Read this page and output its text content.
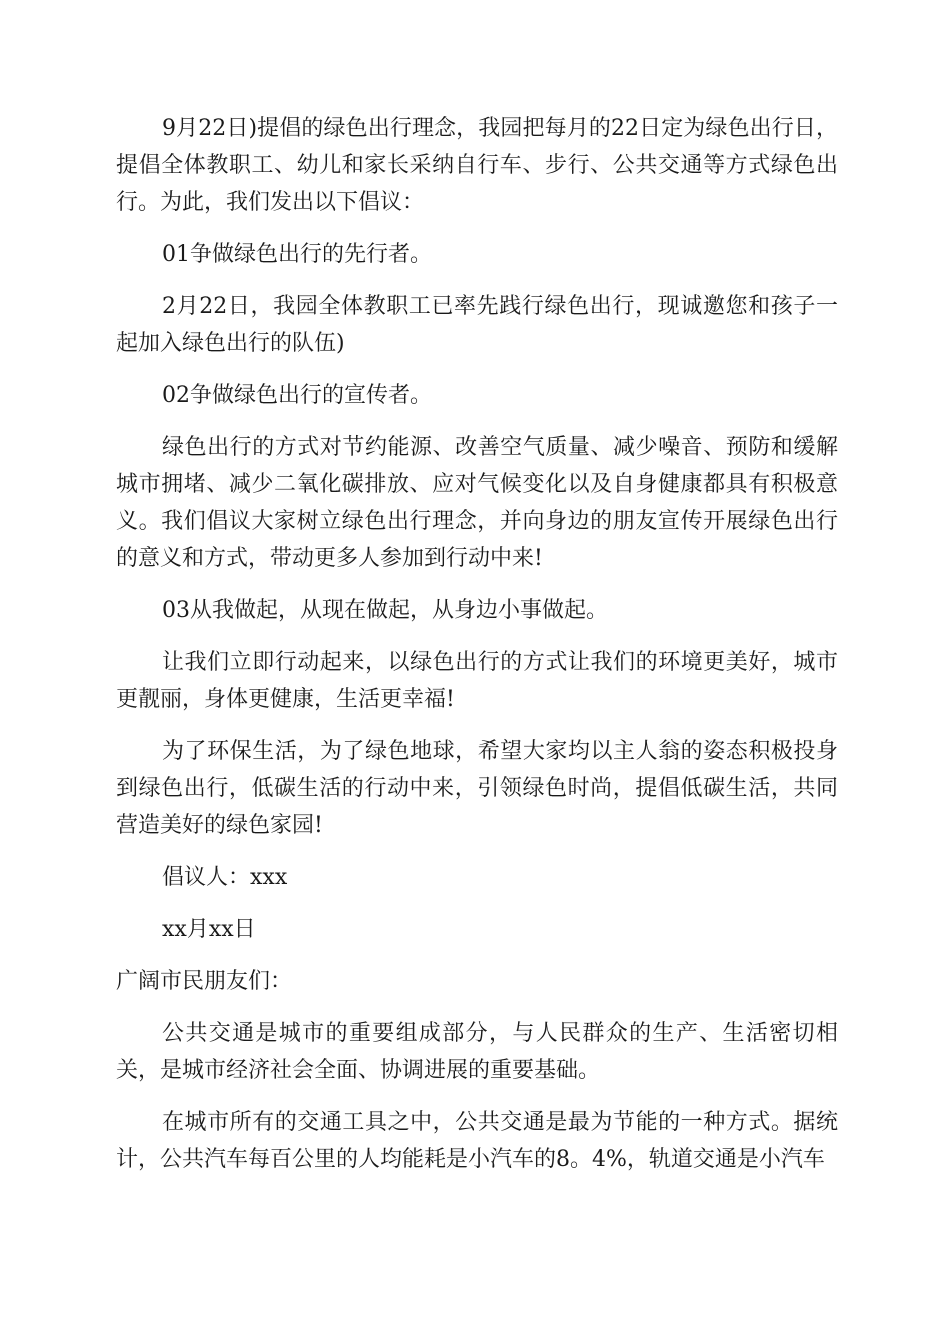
9月22日)提倡的绿色出行理念，我园把每月的22日定为绿色出行日，提倡全体教职工、幼儿和家长采纳自行车、步行、公共交通等方式绿色出行。为此，我们发出以下倡议：

01争做绿色出行的先行者。

2月22日，我园全体教职工已率先践行绿色出行，现诚邀您和孩子一起加入绿色出行的队伍)

02争做绿色出行的宣传者。

绿色出行的方式对节约能源、改善空气质量、减少噪音、预防和缓解城市拥堵、减少二氧化碳排放、应对气候变化以及自身健康都具有积极意义。我们倡议大家树立绿色出行理念，并向身边的朋友宣传开展绿色出行的意义和方式，带动更多人参加到行动中来!

03从我做起，从现在做起，从身边小事做起。

让我们立即行动起来，以绿色出行的方式让我们的环境更美好，城市更靓丽，身体更健康，生活更幸福!

为了环保生活，为了绿色地球，希望大家均以主人翁的姿态积极投身到绿色出行，低碳生活的行动中来，引领绿色时尚，提倡低碳生活，共同营造美好的绿色家园!

倡议人：xxx

xx月xx日

广阔市民朋友们：

公共交通是城市的重要组成部分，与人民群众的生产、生活密切相关，是城市经济社会全面、协调进展的重要基础。

在城市所有的交通工具之中，公共交通是最为节能的一种方式。据统计，公共汽车每百公里的人均能耗是小汽车的8。4%，轨道交通是小汽车
